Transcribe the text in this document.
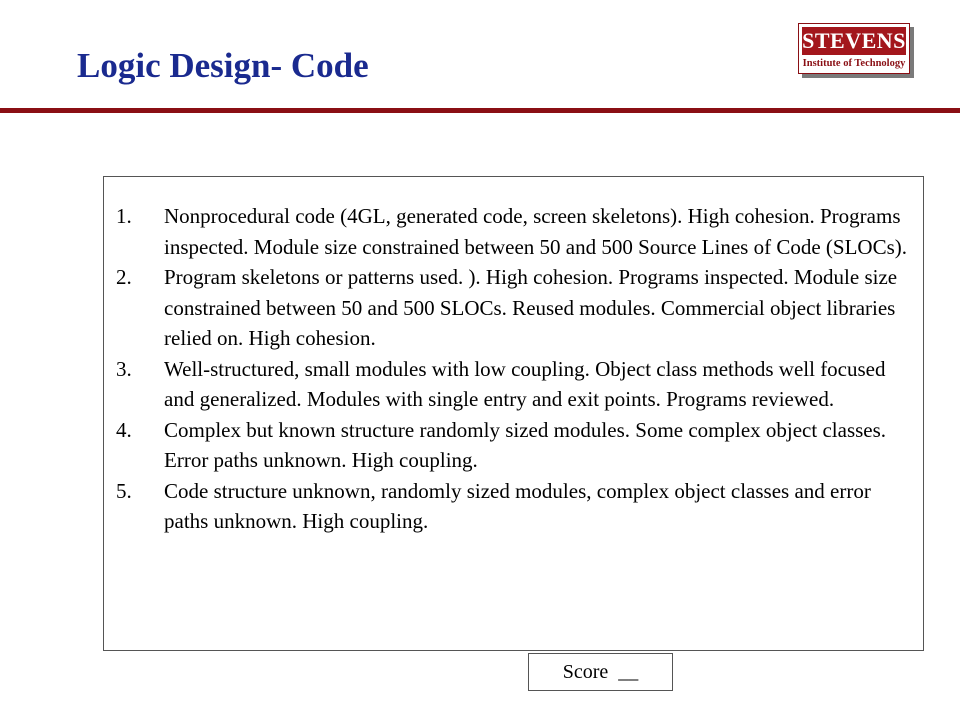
Logic Design- Code
STEVENS
Institute of Technology
1. Nonprocedural code (4GL, generated code, screen skeletons). High cohesion. Programs inspected. Module size constrained between 50 and 500 Source Lines of Code (SLOCs).
2. Program skeletons or patterns used. ). High cohesion. Programs inspected. Module size constrained between 50 and 500 SLOCs. Reused modules. Commercial object libraries relied on. High cohesion.
3. Well-structured, small modules with low coupling. Object class methods well focused and generalized. Modules with single entry and exit points. Programs reviewed.
4. Complex but known structure randomly sized modules. Some complex object classes. Error paths unknown. High coupling.
5. Code structure unknown, randomly sized modules, complex object classes and error paths unknown. High coupling.
Score  __
